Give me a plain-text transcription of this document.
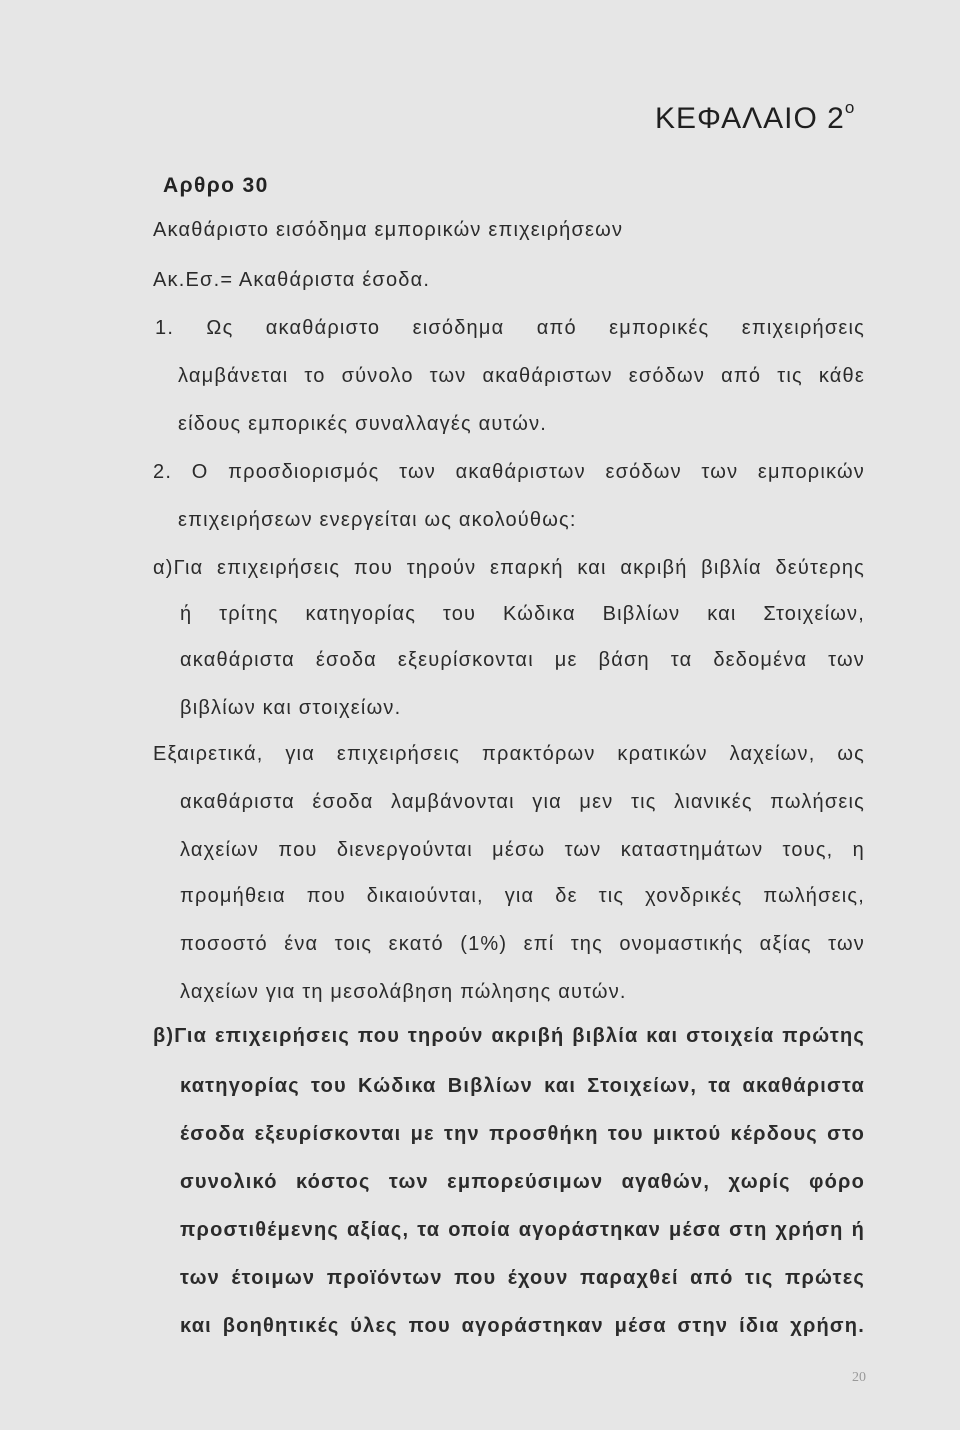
ΚΕΦΑΛΑΙΟ 2$^o$
Αρθρο 30
Ακαθάριστο εισόδημα εμπορικών επιχειρήσεων
Ακ.Εσ.= Ακαθάριστα έσοδα.
1. Ως ακαθάριστο εισόδημα από εμπορικές επιχειρήσεις
λαμβάνεται το σύνολο των ακαθάριστων εσόδων από τις κάθε
είδους εμπορικές συναλλαγές αυτών.
2. Ο προσδιορισμός των ακαθάριστων εσόδων των εμπορικών
επιχειρήσεων ενεργείται ως ακολούθως:
α)Για επιχειρήσεις που τηρούν επαρκή και ακριβή βιβλία δεύτερης
ή τρίτης κατηγορίας του Κώδικα Βιβλίων και Στοιχείων,
ακαθάριστα έσοδα εξευρίσκονται με βάση τα δεδομένα των
βιβλίων και στοιχείων.
Εξαιρετικά, για επιχειρήσεις πρακτόρων κρατικών λαχείων, ως
ακαθάριστα έσοδα λαμβάνονται για μεν τις λιανικές πωλήσεις
λαχείων που διενεργούνται μέσω των καταστημάτων τους, η
προμήθεια που δικαιούνται, για δε τις χονδρικές πωλήσεις,
ποσοστό ένα τοις εκατό (1%) επί της ονομαστικής αξίας των
λαχείων για τη μεσολάβηση πώλησης αυτών.
β)Για επιχειρήσεις που τηρούν ακριβή βιβλία και στοιχεία πρώτης
κατηγορίας του Κώδικα Βιβλίων και Στοιχείων, τα ακαθάριστα
έσοδα εξευρίσκονται με την προσθήκη του μικτού κέρδους στο
συνολικό κόστος των εμπορεύσιμων αγαθών, χωρίς φόρο
προστιθέμενης αξίας, τα οποία αγοράστηκαν μέσα στη χρήση ή
των έτοιμων προϊόντων που έχουν παραχθεί από τις πρώτες
και βοηθητικές ύλες που αγοράστηκαν μέσα στην ίδια χρήση.
20
